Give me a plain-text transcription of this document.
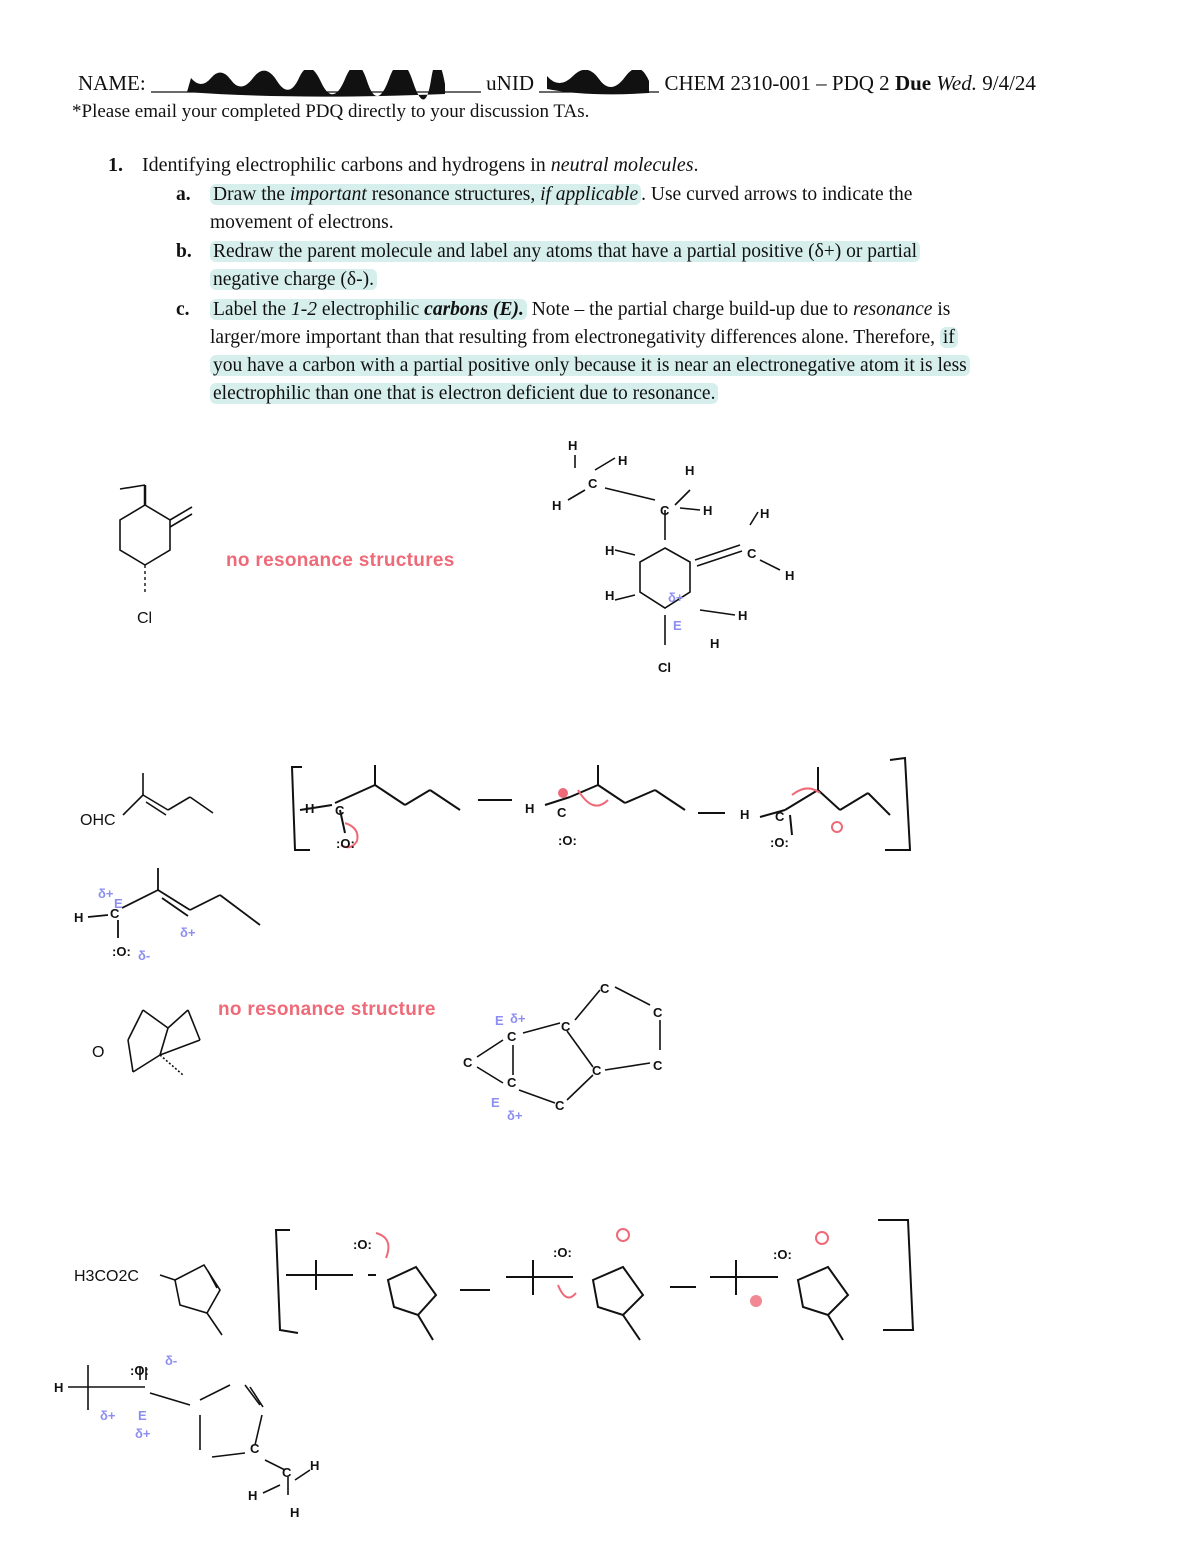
NAME:	uNID	CHEM 2310-001 – PDQ 2 Due Wed. 9/4/24
*Please email your completed PDQ directly to your discussion TAs.
1. Identifying electrophilic carbons and hydrogens in neutral molecules.
a. Draw the important resonance structures, if applicable . Use curved arrows to indicate the
movement of electrons.
b. Redraw the parent molecule and label any atoms that have a partial positive (δ+) or partial
negative charge (δ-).
c. Label the 1-2 electrophilic carbons (E). Note – the partial charge build-up due to resonance is
larger/more important than that resulting from electronegativity differences alone. Therefore, if
you have a carbon with a partial positive only because it is near an electronegative atom it is less
electrophilic than one that is electron deficient due to resonance.
no resonance structures
no resonance structure
Cl
H
H
C
H
H
C	H	H
C
H
H
H
H
H
δ+
E
Cl
OHC
H C
:O:
H C
:O:
H C
:O:
H C
:O:
δ+
E
δ+
δ-
O
C
C
C
C
C
C
C
C
C
E δ+
E
δ+
H3CO2C
:O:
:O:	:O:
H
:O:
δ-
E
δ+
δ+
C
C
H
H
H
